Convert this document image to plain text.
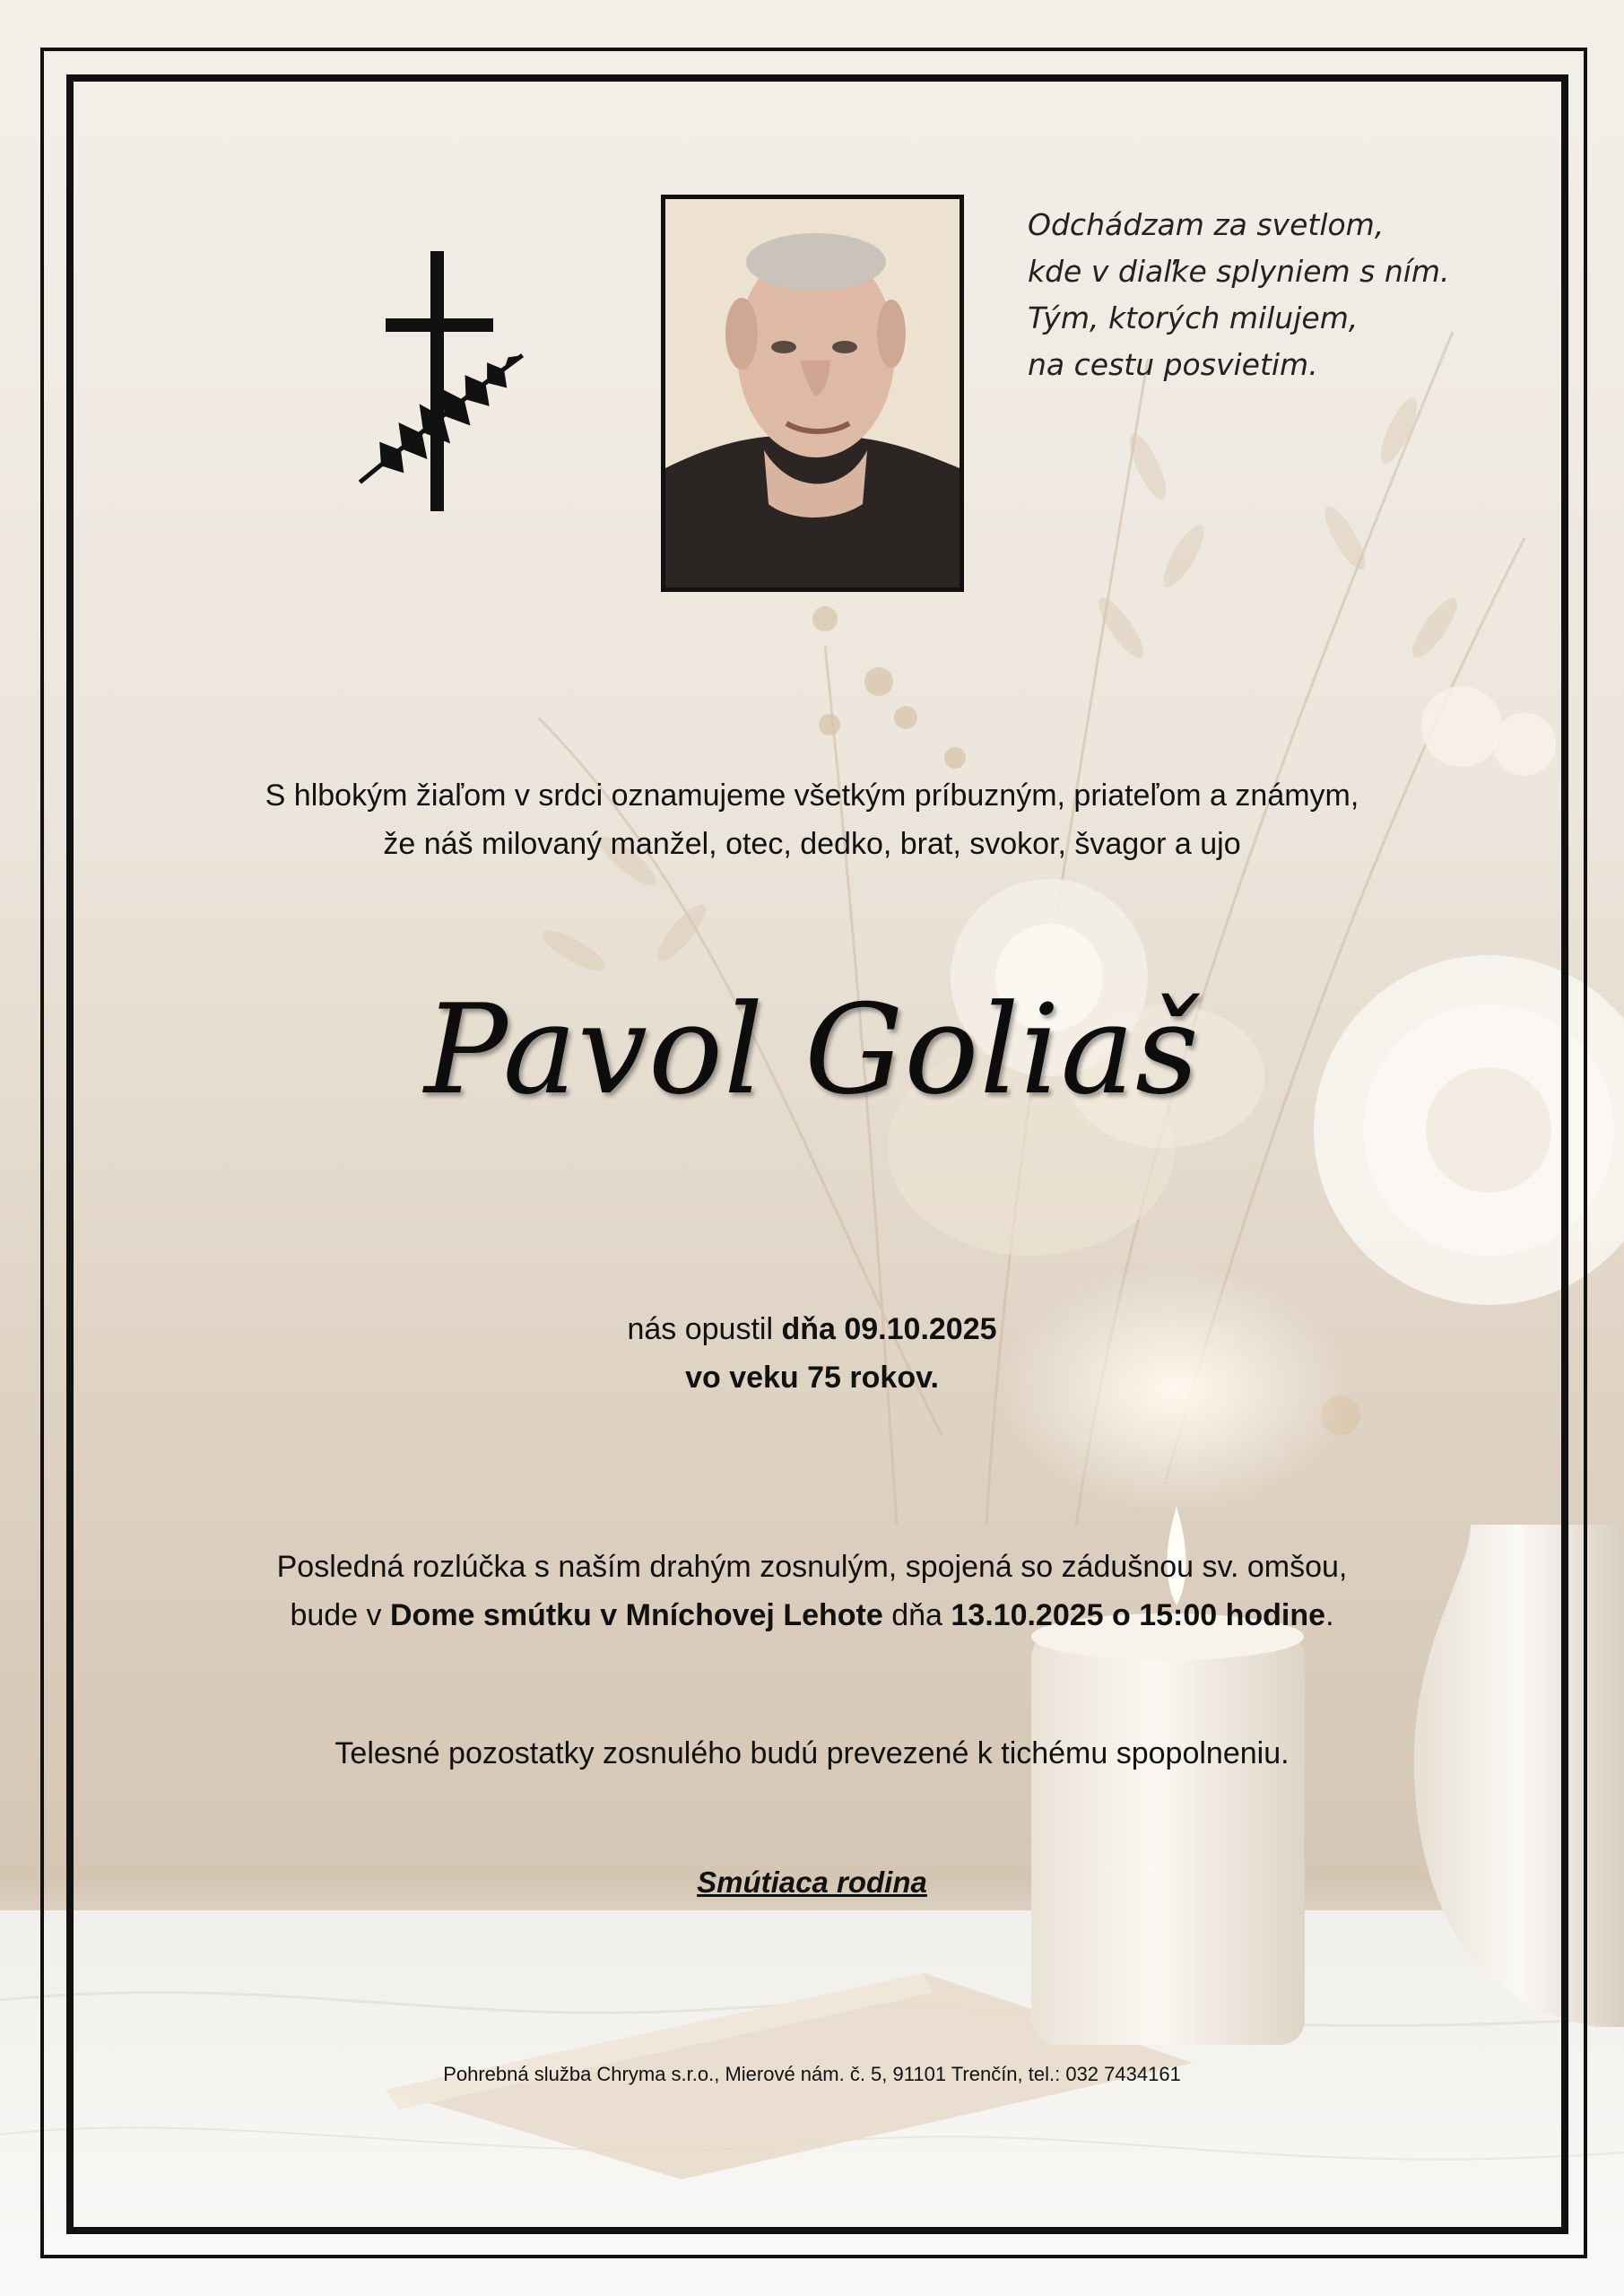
Odchádzam za svetlom,
kde v diaľke splyniem s ním.
Tým, ktorých milujem,
na cestu posvietim.
S hlbokým žiaľom v srdci oznamujeme všetkým príbuzným, priateľom a známym,
že náš milovaný manžel, otec, dedko, brat, svokor, švagor a ujo
Pavol Goliaš
nás opustil dňa 09.10.2025
vo veku 75 rokov.
Posledná rozlúčka s naším drahým zosnulým, spojená so zádušnou sv. omšou,
bude v Dome smútku v Mníchovej Lehote dňa 13.10.2025 o 15:00 hodine.
Telesné pozostatky zosnulého budú prevezené k tichému spopolneniu.
Smútiaca rodina
Pohrebná služba Chryma s.r.o., Mierové nám. č. 5, 91101 Trenčín, tel.: 032 7434161
